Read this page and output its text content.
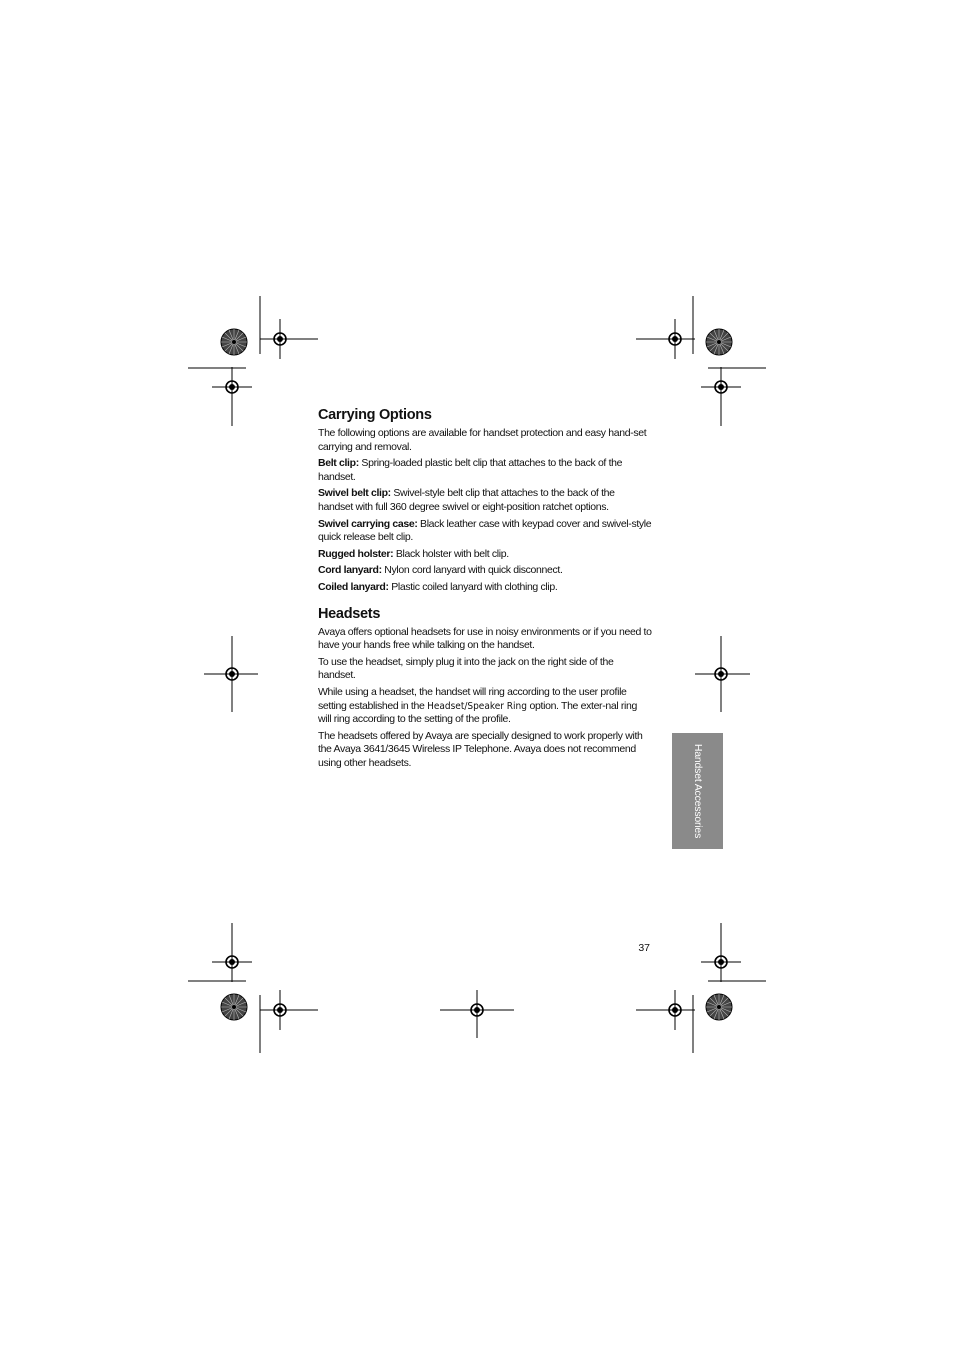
Carrying Options

The following options are available for handset protection and easy hand-set carrying and removal.

Belt clip: Spring-loaded plastic belt clip that attaches to the back of the handset.

Swivel belt clip: Swivel-style belt clip that attaches to the back of the handset with full 360 degree swivel or eight-position ratchet options.

Swivel carrying case: Black leather case with keypad cover and swivel-style quick release belt clip.

Rugged holster: Black holster with belt clip.

Cord lanyard: Nylon cord lanyard with quick disconnect.

Coiled lanyard: Plastic coiled lanyard with clothing clip.

Headsets

Avaya offers optional headsets for use in noisy environments or if you need to have your hands free while talking on the handset.

To use the headset, simply plug it into the jack on the right side of the handset.

While using a headset, the handset will ring according to the user profile setting established in the Headset/Speaker Ring option. The exter-nal ring will ring according to the setting of the profile.

The headsets offered by Avaya are specially designed to work properly with the Avaya 3641/3645 Wireless IP Telephone. Avaya does not recommend using other headsets.	Handset Accessories
37
